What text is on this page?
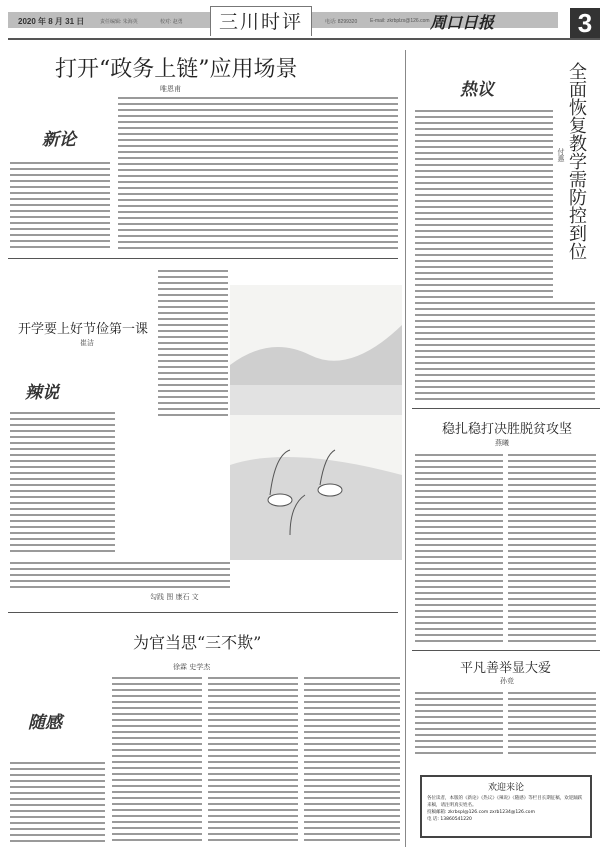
2020 年 8 月 31 日	责任编辑: 朱海英	校对: 赵勇	三川时评	电话: 8299320	E-mail: zkrbplzx@126.com 周口日报	3
打开“政务上链”应用场景
唯恩甫
新论
开学要上好节俭第一课
崔洁
辣说
勾践 图 康石 文
为官当思“三不欺”
徐霖 史学杰
随感
热议	全面恢复教学需防控到位
付惠
稳扎稳打决胜脱贫攻坚
燕曦
平凡善举显大爱
孙竞
欢迎来论
各位读者，本版的《新论》《热议》《辣说》《随感》等栏目长期征稿，欢迎踊跃来稿，请注明真实姓名。
投稿邮箱: zkrbspl@126.com zxrb1234@126.com
电 话: 13860541220
